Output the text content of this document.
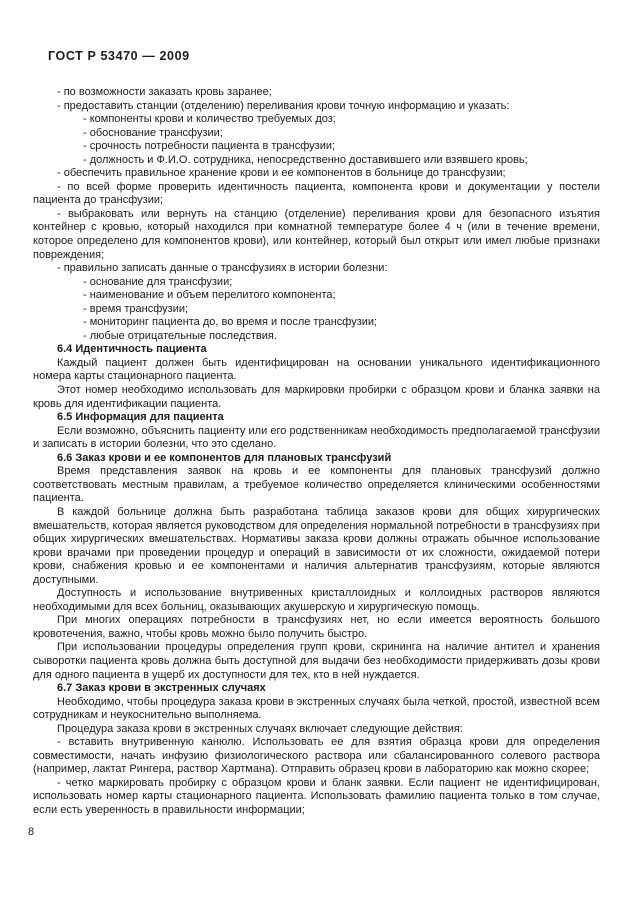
ГОСТ Р 53470 — 2009

- по возможности заказать кровь заранее;

- предоставить станции (отделению) переливания крови точную информацию и указать:

- компоненты крови и количество требуемых доз;

- обоснование трансфузии;

- срочность потребности пациента в трансфузии;

- должность и Ф.И.О. сотрудника, непосредственно доставившего или взявшего кровь;

- обеспечить правильное хранение крови и ее компонентов в больнице до трансфузии;

- по всей форме проверить идентичность пациента, компонента крови и документации у постели пациента до трансфузии;

- выбраковать или вернуть на станцию (отделение) переливания крови для безопасного изъятия контейнер с кровью, который находился при комнатной температуре более 4 ч (или в течение времени, которое определено для компонентов крови), или контейнер, который был открыт или имел любые признаки повреждения;

- правильно записать данные о трансфузиях в истории болезни:

- основание для трансфузии;

- наименование и объем перелитого компонента;

- время трансфузии;

- мониторинг пациента до, во время и после трансфузии;

- любые отрицательные последствия.

6.4 Идентичность пациента

Каждый пациент должен быть идентифицирован на основании уникального идентификационного номера карты стационарного пациента.

Этот номер необходимо использовать для маркировки пробирки с образцом крови и бланка заявки на кровь для идентификации пациента.

6.5 Информация для пациента

Если возможно, объяснить пациенту или его родственникам необходимость предполагаемой трансфузии и записать в истории болезни, что это сделано.

6.6 Заказ крови и ее компонентов для плановых трансфузий

Время представления заявок на кровь и ее компоненты для плановых трансфузий должно соответствовать местным правилам, а требуемое количество определяется клиническими особенностями пациента.

В каждой больнице должна быть разработана таблица заказов крови для общих хирургических вмешательств, которая является руководством для определения нормальной потребности в трансфузиях при общих хирургических вмешательствах. Нормативы заказа крови должны отражать обычное использование крови врачами при проведении процедур и операций в зависимости от их сложности, ожидаемой потери крови, снабжения кровью и ее компонентами и наличия альтернатив трансфузиям, которые являются доступными.

Доступность и использование внутривенных кристаллоидных и коллоидных растворов являются необходимыми для всех больниц, оказывающих акушерскую и хирургическую помощь.

При многих операциях потребности в трансфузиях нет, но если имеется вероятность большого кровотечения, важно, чтобы кровь можно было получить быстро.

При использовании процедуры определения групп крови, скрининга на наличие антител и хранения сыворотки пациента кровь должна быть доступной для выдачи без необходимости придерживать дозы крови для одного пациента в ущерб их доступности для тех, кто в ней нуждается.

6.7 Заказ крови в экстренных случаях

Необходимо, чтобы процедура заказа крови в экстренных случаях была четкой, простой, известной всем сотрудникам и неукоснительно выполняема.

Процедура заказа крови в экстренных случаях включает следующие действия:

- вставить внутривенную канюлю. Использовать ее для взятия образца крови для определения совместимости, начать инфузию физиологического раствора или сбалансированного солевого раствора (например, лактат Рингера, раствор Хартмана). Отправить образец крови в лабораторию как можно скорее;

- четко маркировать пробирку с образцом крови и бланк заявки. Если пациент не идентифицирован, использовать номер карты стационарного пациента. Использовать фамилию пациента только в том случае, если есть уверенность в правильности информации;

8
